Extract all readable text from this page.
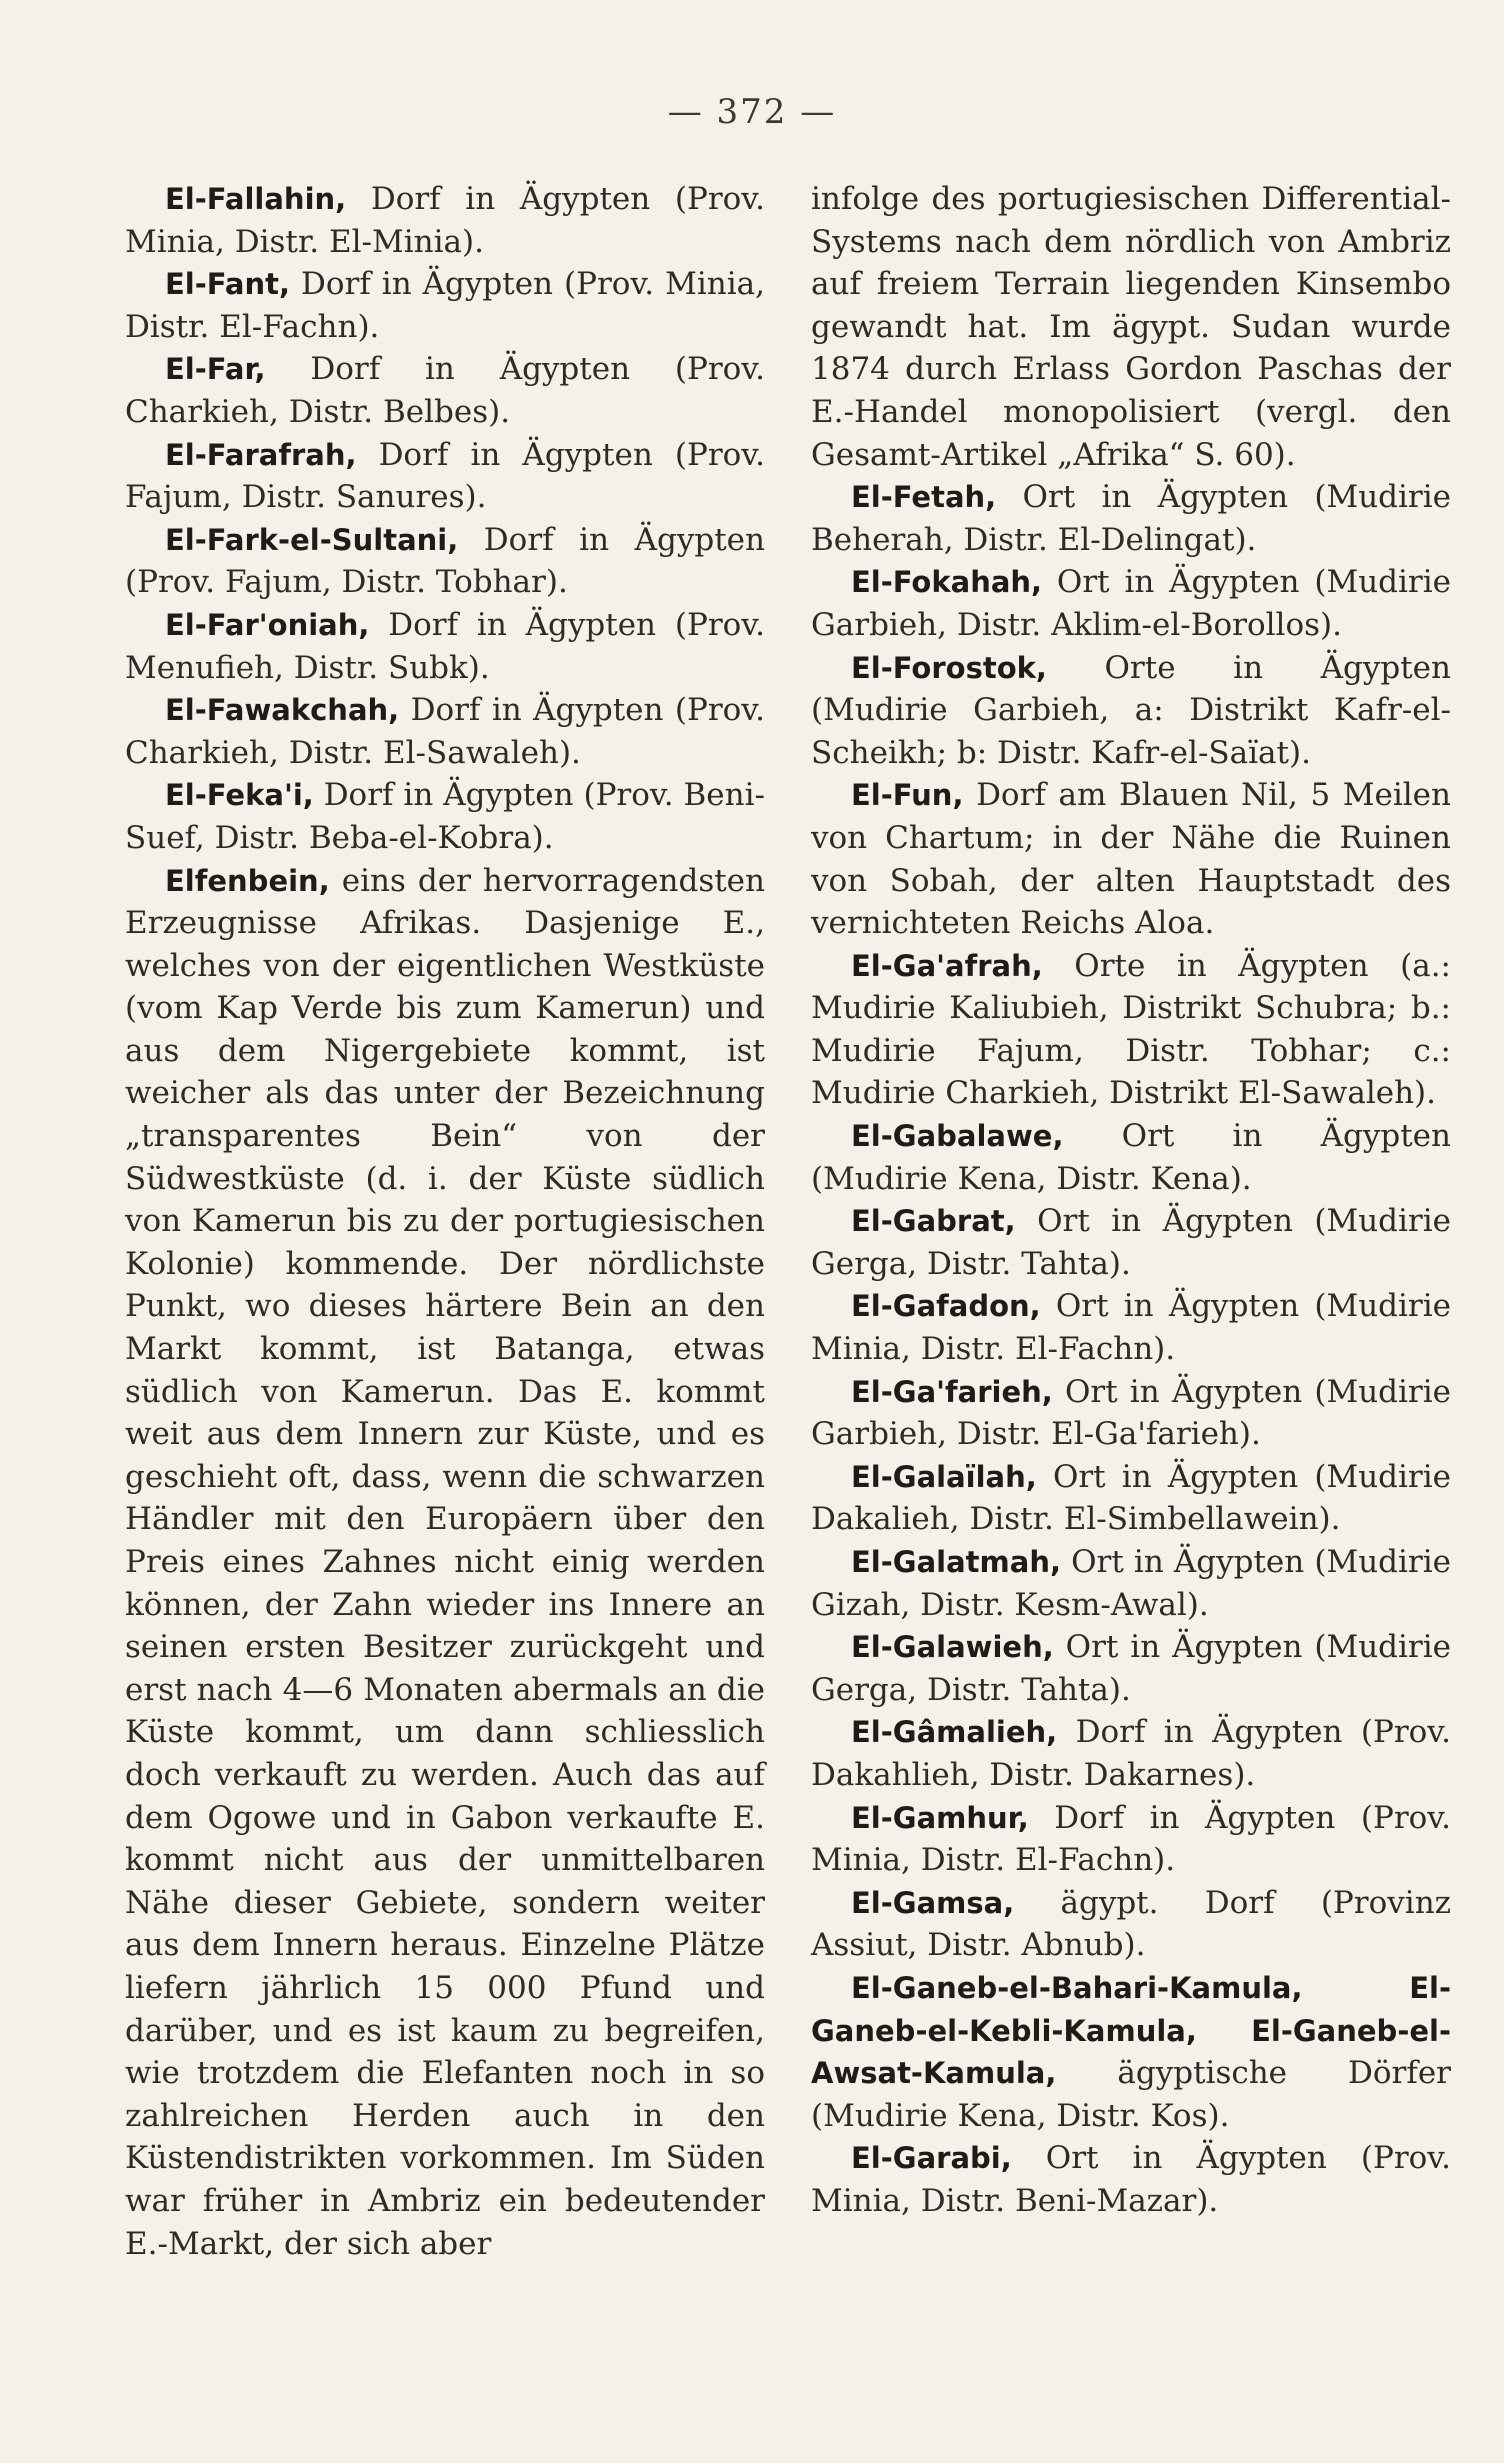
— 372 —

El-Fallahin, Dorf in Ägypten (Prov. Minia, Distr. El-Minia).

El-Fant, Dorf in Ägypten (Prov. Minia, Distr. El-Fachn).

El-Far, Dorf in Ägypten (Prov. Charkieh, Distr. Belbes).

El-Farafrah, Dorf in Ägypten (Prov. Fajum, Distr. Sanures).

El-Fark-el-Sultani, Dorf in Ägypten (Prov. Fajum, Distr. Tobhar).

El-Far'oniah, Dorf in Ägypten (Prov. Menufieh, Distr. Subk).

El-Fawakchah, Dorf in Ägypten (Prov. Charkieh, Distr. El-Sawaleh).

El-Feka'i, Dorf in Ägypten (Prov. Beni-Suef, Distr. Beba-el-Kobra).

Elfenbein, eins der hervorragendsten Erzeugnisse Afrikas. Dasjenige E., welches von der eigentlichen Westküste (vom Kap Verde bis zum Kamerun) und aus dem Nigergebiete kommt, ist weicher als das unter der Bezeichnung „transparentes Bein“ von der Südwestküste (d. i. der Küste südlich von Kamerun bis zu der portugiesischen Kolonie) kommende. Der nördlichste Punkt, wo dieses härtere Bein an den Markt kommt, ist Batanga, etwas südlich von Kamerun. Das E. kommt weit aus dem Innern zur Küste, und es geschieht oft, dass, wenn die schwarzen Händler mit den Europäern über den Preis eines Zahnes nicht einig werden können, der Zahn wieder ins Innere an seinen ersten Besitzer zurückgeht und erst nach 4—6 Monaten abermals an die Küste kommt, um dann schliesslich doch verkauft zu werden. Auch das auf dem Ogowe und in Gabon verkaufte E. kommt nicht aus der unmittelbaren Nähe dieser Gebiete, sondern weiter aus dem Innern heraus. Einzelne Plätze liefern jährlich 15 000 Pfund und darüber, und es ist kaum zu begreifen, wie trotzdem die Elefanten noch in so zahlreichen Herden auch in den Küstendistrikten vorkommen. Im Süden war früher in Ambriz ein bedeutender E.-Markt, der sich aber

infolge des portugiesischen Differential-Systems nach dem nördlich von Ambriz auf freiem Terrain liegenden Kinsembo gewandt hat. Im ägypt. Sudan wurde 1874 durch Erlass Gordon Paschas der E.-Handel monopolisiert (vergl. den Gesamt-Artikel „Afrika“ S. 60).

El-Fetah, Ort in Ägypten (Mudirie Beherah, Distr. El-Delingat).

El-Fokahah, Ort in Ägypten (Mudirie Garbieh, Distr. Aklim-el-Borollos).

El-Forostok, Orte in Ägypten (Mudirie Garbieh, a: Distrikt Kafr-el-Scheikh; b: Distr. Kafr-el-Saïat).

El-Fun, Dorf am Blauen Nil, 5 Meilen von Chartum; in der Nähe die Ruinen von Sobah, der alten Hauptstadt des vernichteten Reichs Aloa.

El-Ga'afrah, Orte in Ägypten (a.: Mudirie Kaliubieh, Distrikt Schubra; b.: Mudirie Fajum, Distr. Tobhar; c.: Mudirie Charkieh, Distrikt El-Sawaleh).

El-Gabalawe, Ort in Ägypten (Mudirie Kena, Distr. Kena).

El-Gabrat, Ort in Ägypten (Mudirie Gerga, Distr. Tahta).

El-Gafadon, Ort in Ägypten (Mudirie Minia, Distr. El-Fachn).

El-Ga'farieh, Ort in Ägypten (Mudirie Garbieh, Distr. El-Ga'farieh).

El-Galaïlah, Ort in Ägypten (Mudirie Dakalieh, Distr. El-Simbellawein).

El-Galatmah, Ort in Ägypten (Mudirie Gizah, Distr. Kesm-Awal).

El-Galawieh, Ort in Ägypten (Mudirie Gerga, Distr. Tahta).

El-Gâmalieh, Dorf in Ägypten (Prov. Dakahlieh, Distr. Dakarnes).

El-Gamhur, Dorf in Ägypten (Prov. Minia, Distr. El-Fachn).

El-Gamsa, ägypt. Dorf (Provinz Assiut, Distr. Abnub).

El-Ganeb-el-Bahari-Kamula, El-Ganeb-el-Kebli-Kamula, El-Ganeb-el-Awsat-Kamula, ägyptische Dörfer (Mudirie Kena, Distr. Kos).

El-Garabi, Ort in Ägypten (Prov. Minia, Distr. Beni-Mazar).
